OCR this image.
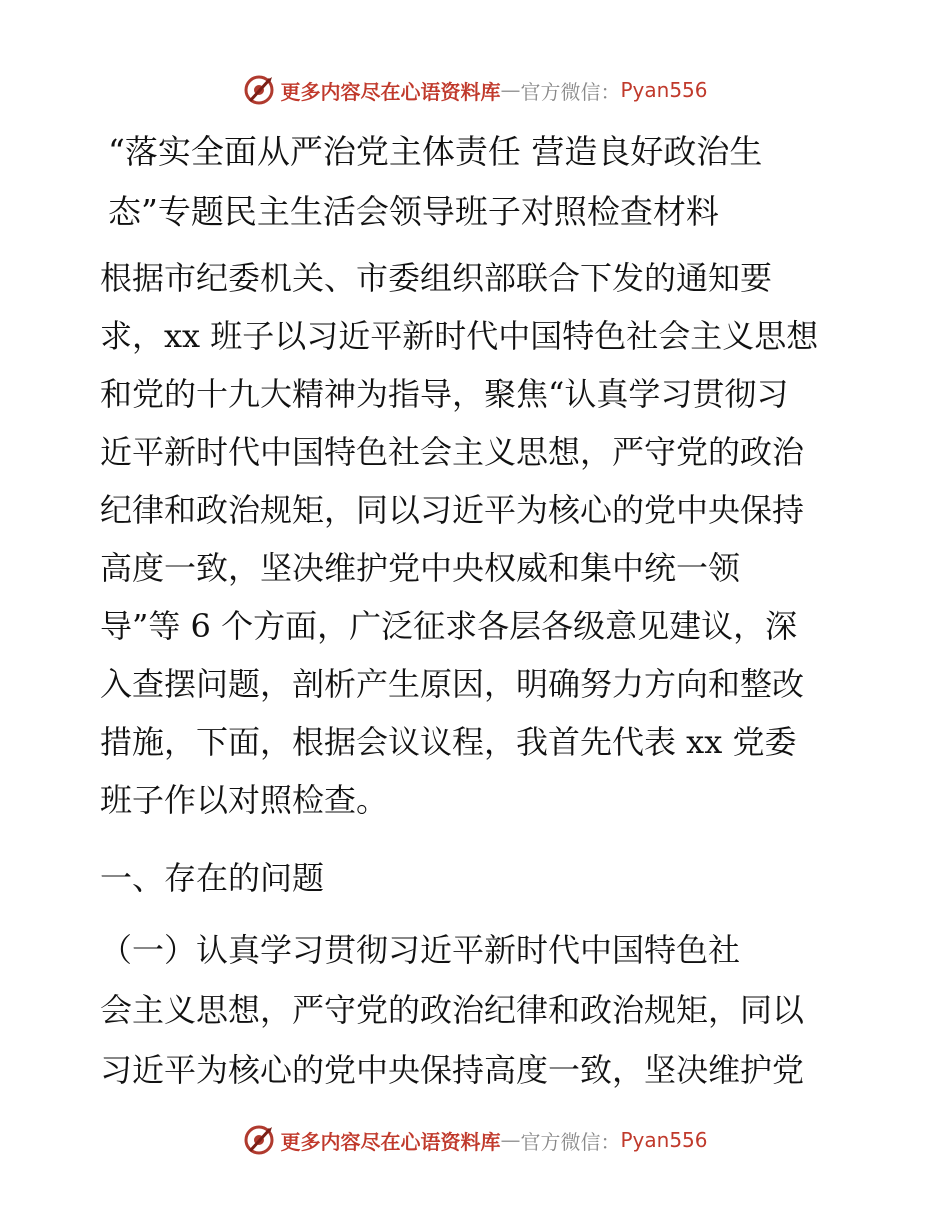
更多内容尽在心语资料库 — 官方微信： Pyan556
“落实全面从严治党主体责任 营造良好政治生
态”专题民主生活会领导班子对照检查材料
根据市纪委机关、市委组织部联合下发的通知要
求，xx 班子以习近平新时代中国特色社会主义思想
和党的十九大精神为指导，聚焦“认真学习贯彻习
近平新时代中国特色社会主义思想，严守党的政治
纪律和政治规矩，同以习近平为核心的党中央保持
高度一致，坚决维护党中央权威和集中统一领
导”等 6 个方面，广泛征求各层各级意见建议，深
入查摆问题，剖析产生原因，明确努力方向和整改
措施，下面，根据会议议程，我首先代表 xx 党委
班子作以对照检查。
一、存在的问题
（一）认真学习贯彻习近平新时代中国特色社
会主义思想，严守党的政治纪律和政治规矩，同以
习近平为核心的党中央保持高度一致，坚决维护党
更多内容尽在心语资料库 — 官方微信： Pyan556
